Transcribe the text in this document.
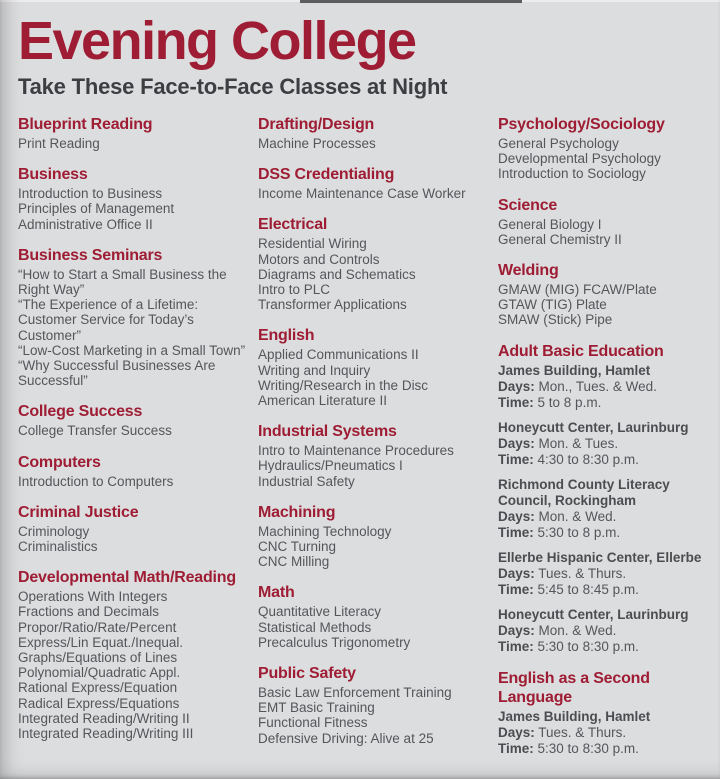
Evening College
Take These Face-to-Face Classes at Night
Blueprint Reading
Print Reading
Business
Introduction to Business
Principles of Management
Administrative Office II
Business Seminars
“How to Start a Small Business the Right Way”
“The Experience of a Lifetime: Customer Service for Today’s Customer”
“Low-Cost Marketing in a Small Town”
“Why Successful Businesses Are Successful”
College Success
College Transfer Success
Computers
Introduction to Computers
Criminal Justice
Criminology
Criminalistics
Developmental Math/Reading
Operations With Integers
Fractions and Decimals
Propor/Ratio/Rate/Percent
Express/Lin Equat./Inequal.
Graphs/Equations of Lines
Polynomial/Quadratic Appl.
Rational Express/Equation
Radical Express/Equations
Integrated Reading/Writing II
Integrated Reading/Writing III
Drafting/Design
Machine Processes
DSS Credentialing
Income Maintenance Case Worker
Electrical
Residential Wiring
Motors and Controls
Diagrams and Schematics
Intro to PLC
Transformer Applications
English
Applied Communications II
Writing and Inquiry
Writing/Research in the Disc
American Literature II
Industrial Systems
Intro to Maintenance Procedures
Hydraulics/Pneumatics I
Industrial Safety
Machining
Machining Technology
CNC Turning
CNC Milling
Math
Quantitative Literacy
Statistical Methods
Precalculus Trigonometry
Public Safety
Basic Law Enforcement Training
EMT Basic Training
Functional Fitness
Defensive Driving: Alive at 25
Psychology/Sociology
General Psychology
Developmental Psychology
Introduction to Sociology
Science
General Biology I
General Chemistry II
Welding
GMAW (MIG) FCAW/Plate
GTAW (TIG) Plate
SMAW (Stick) Pipe
Adult Basic Education
James Building, Hamlet
Days: Mon., Tues. & Wed.
Time: 5 to 8 p.m.
Honeycutt Center, Laurinburg
Days: Mon. & Tues.
Time: 4:30 to 8:30 p.m.
Richmond County Literacy Council, Rockingham
Days: Mon. & Wed.
Time: 5:30 to 8 p.m.
Ellerbe Hispanic Center, Ellerbe
Days: Tues. & Thurs.
Time: 5:45 to 8:45 p.m.
Honeycutt Center, Laurinburg
Days: Mon. & Wed.
Time: 5:30 to 8:30 p.m.
English as a Second Language
James Building, Hamlet
Days: Tues. & Thurs.
Time: 5:30 to 8:30 p.m.
